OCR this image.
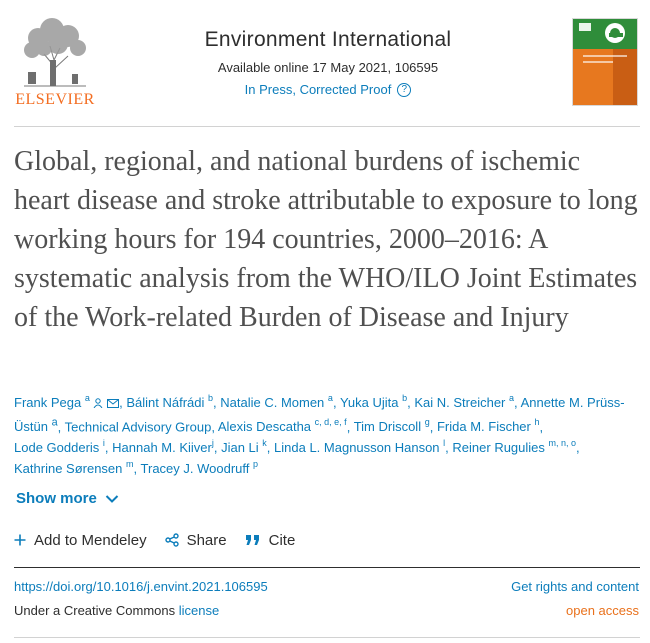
ELSEVIER
Environment International
Available online 17 May 2021, 106595
In Press, Corrected Proof	?
Global, regional, and national burdens of ischemic heart disease and stroke attributable to exposure to long working hours for 194 countries, 2000–2016: A systematic analysis from the WHO/ILO Joint Estimates of the Work-related Burden of Disease and Injury
Frank Pega $^a$ , Bálint Náfrádi $^b$, Natalie C. Momen $^a$, Yuka Ujita $^b$, Kai N. Streicher $^a$, Annette M. Prüss-Üstün $^a$, Technical Advisory Group, Alexis Descatha $^{c, d, e, f}$, Tim Driscoll $^g$, Frida M. Fischer $^h$, Lode Godderis $^i$, Hannah M. Kiiver$^j$, Jian Li $^k$, Linda L. Magnusson Hanson $^l$, Reiner Rugulies $^{m, n, o}$, Kathrine Sørensen $^m$, Tracey J. Woodruff $^p$
Show more
Add to Mendeley	Share	Cite
https://doi.org/10.1016/j.envint.2021.106595	Get rights and content
Under a Creative Commons license	open access
